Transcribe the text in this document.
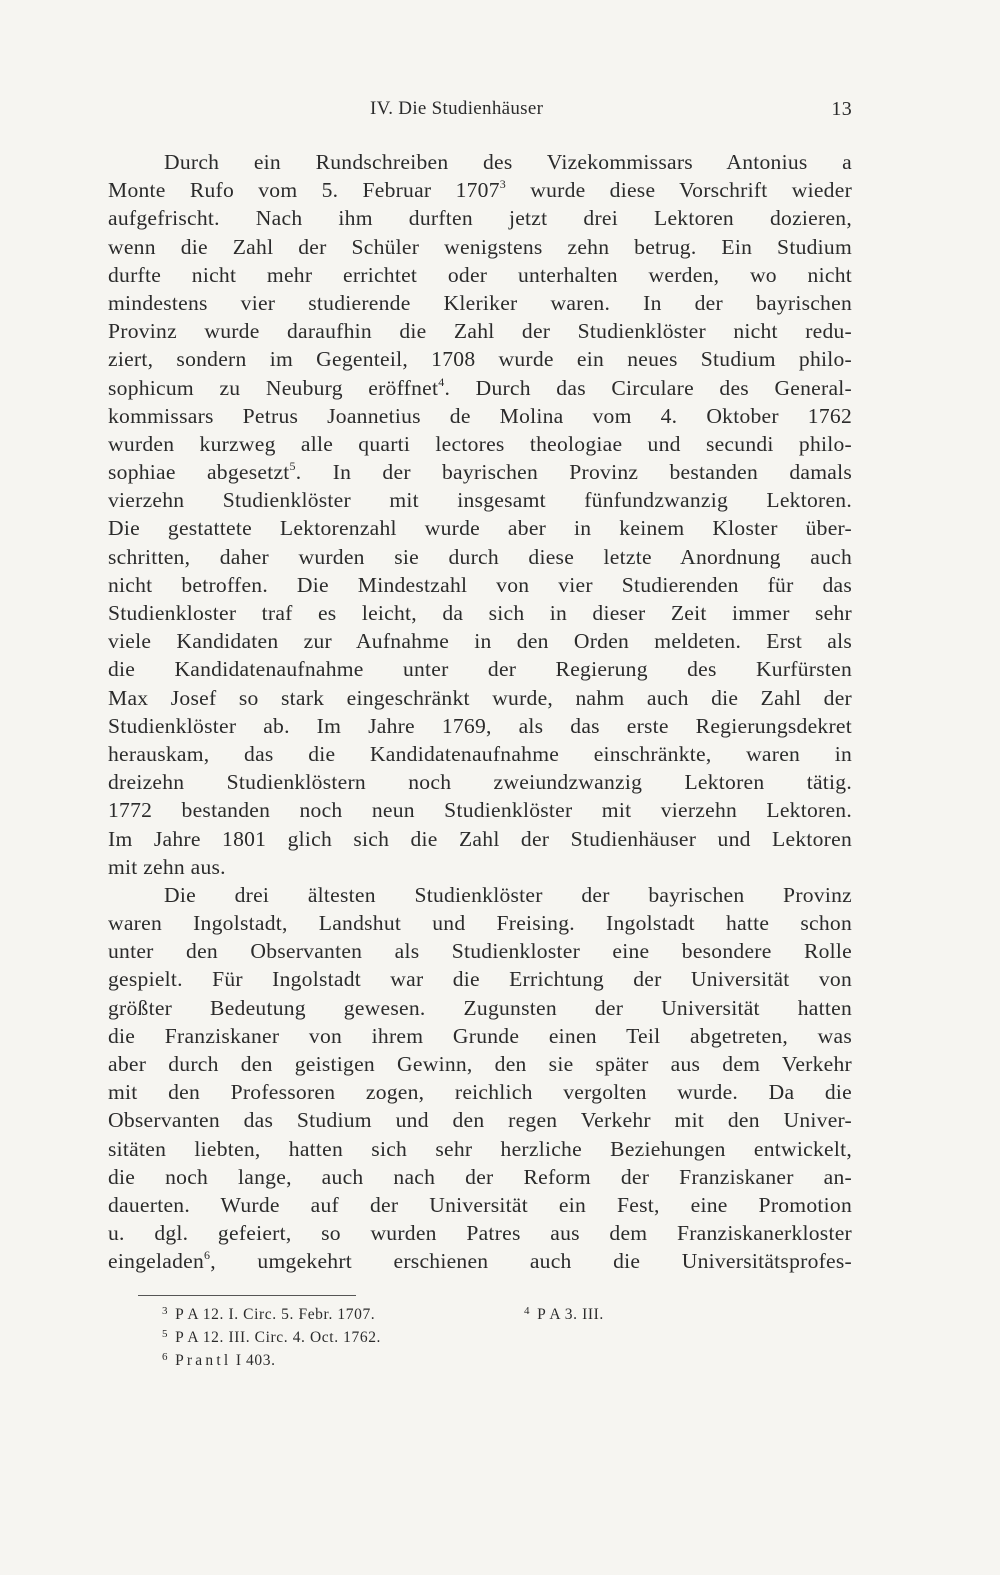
IV. Die Studienhäuser	13
Durch ein Rundschreiben des Vizekommissars Antonius a
Monte Rufo vom 5. Februar 1707$^3$ wurde diese Vorschrift wieder
aufgefrischt. Nach ihm durften jetzt drei Lektoren dozieren,
wenn die Zahl der Schüler wenigstens zehn betrug. Ein Studium
durfte nicht mehr errichtet oder unterhalten werden, wo nicht
mindestens vier studierende Kleriker waren. In der bayrischen
Provinz wurde daraufhin die Zahl der Studienklöster nicht redu-
ziert, sondern im Gegenteil, 1708 wurde ein neues Studium philo-
sophicum zu Neuburg eröffnet$^4$. Durch das Circulare des General-
kommissars Petrus Joannetius de Molina vom 4. Oktober 1762
wurden kurzweg alle quarti lectores theologiae und secundi philo-
sophiae abgesetzt$^5$. In der bayrischen Provinz bestanden damals
vierzehn Studienklöster mit insgesamt fünfundzwanzig Lektoren.
Die gestattete Lektorenzahl wurde aber in keinem Kloster über-
schritten, daher wurden sie durch diese letzte Anordnung auch
nicht betroffen. Die Mindestzahl von vier Studierenden für das
Studienkloster traf es leicht, da sich in dieser Zeit immer sehr
viele Kandidaten zur Aufnahme in den Orden meldeten. Erst als
die Kandidatenaufnahme unter der Regierung des Kurfürsten
Max Josef so stark eingeschränkt wurde, nahm auch die Zahl der
Studienklöster ab. Im Jahre 1769, als das erste Regierungsdekret
herauskam, das die Kandidatenaufnahme einschränkte, waren in
dreizehn Studienklöstern noch zweiundzwanzig Lektoren tätig.
1772 bestanden noch neun Studienklöster mit vierzehn Lektoren.
Im Jahre 1801 glich sich die Zahl der Studienhäuser und Lektoren
mit zehn aus.
Die drei ältesten Studienklöster der bayrischen Provinz
waren Ingolstadt, Landshut und Freising. Ingolstadt hatte schon
unter den Observanten als Studienkloster eine besondere Rolle
gespielt. Für Ingolstadt war die Errichtung der Universität von
größter Bedeutung gewesen. Zugunsten der Universität hatten
die Franziskaner von ihrem Grunde einen Teil abgetreten, was
aber durch den geistigen Gewinn, den sie später aus dem Verkehr
mit den Professoren zogen, reichlich vergolten wurde. Da die
Observanten das Studium und den regen Verkehr mit den Univer-
sitäten liebten, hatten sich sehr herzliche Beziehungen entwickelt,
die noch lange, auch nach der Reform der Franziskaner an-
dauerten. Wurde auf der Universität ein Fest, eine Promotion
u. dgl. gefeiert, so wurden Patres aus dem Franziskanerkloster
eingeladen$^6$, umgekehrt erschienen auch die Universitätsprofes-
$^3$ P A 12. I. Circ. 5. Febr. 1707.	$^4$ P A 3. III.
$^5$ P A 12. III. Circ. 4. Oct. 1762.
$^6$ Prantl I 403.
